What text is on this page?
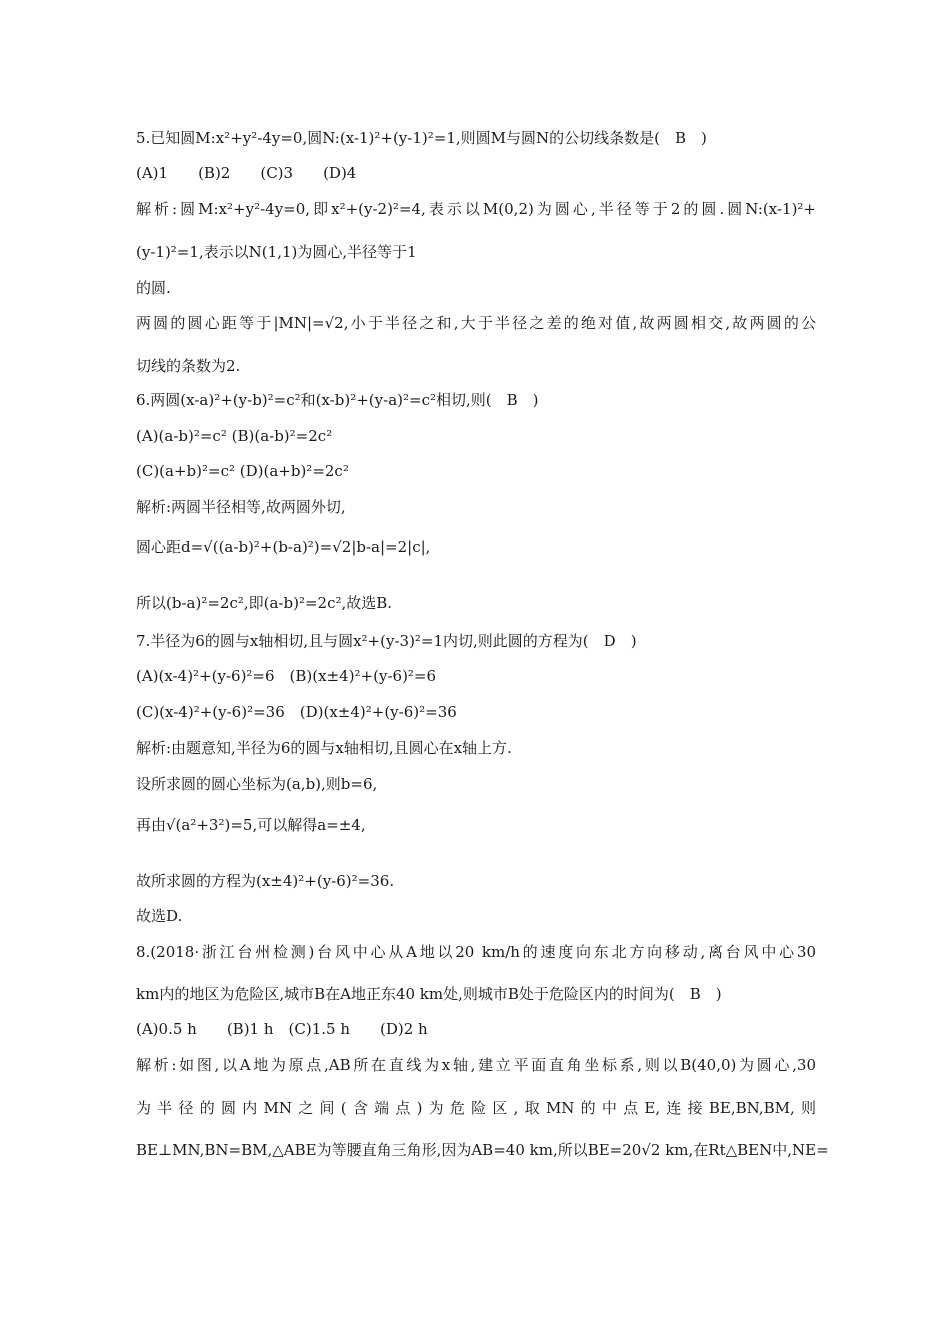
5.已知圆M:x²+y²-4y=0,圆N:(x-1)²+(y-1)²=1,则圆M与圆N的公切线条数是(　B　)
(A)1　　(B)2　　(C)3　　(D)4
解析:圆M:x²+y²-4y=0,即x²+(y-2)²=4,表示以M(0,2)为圆心,半径等于2的圆.圆N:(x-1)²+
(y-1)²=1,表示以N(1,1)为圆心,半径等于1
的圆.
两圆的圆心距等于|MN|=√2,小于半径之和,大于半径之差的绝对值,故两圆相交,故两圆的公
切线的条数为2.
6.两圆(x-a)²+(y-b)²=c²和(x-b)²+(y-a)²=c²相切,则(　B　)
(A)(a-b)²=c² (B)(a-b)²=2c²
(C)(a+b)²=c² (D)(a+b)²=2c²
解析:两圆半径相等,故两圆外切,
圆心距d=√((a-b)²+(b-a)²)=√2|b-a|=2|c|,
所以(b-a)²=2c²,即(a-b)²=2c²,故选B.
7.半径为6的圆与x轴相切,且与圆x²+(y-3)²=1内切,则此圆的方程为(　D　)
(A)(x-4)²+(y-6)²=6　(B)(x±4)²+(y-6)²=6
(C)(x-4)²+(y-6)²=36　(D)(x±4)²+(y-6)²=36
解析:由题意知,半径为6的圆与x轴相切,且圆心在x轴上方.
设所求圆的圆心坐标为(a,b),则b=6,
再由√(a²+3²)=5,可以解得a=±4,
故所求圆的方程为(x±4)²+(y-6)²=36.
故选D.
8.(2018·浙江台州检测)台风中心从A地以20 km/h的速度向东北方向移动,离台风中心30
km内的地区为危险区,城市B在A地正东40 km处,则城市B处于危险区内的时间为(　B　)
(A)0.5 h　　(B)1 h　(C)1.5 h　　(D)2 h
解析:如图,以A地为原点,AB所在直线为x轴,建立平面直角坐标系,则以B(40,0)为圆心,30
为半径的圆内MN之间(含端点)为危险区,取MN的中点E,连接BE,BN,BM,则
BE⊥MN,BN=BM,△ABE为等腰直角三角形,因为AB=40 km,所以BE=20√2 km,在Rt△BEN中,NE=
